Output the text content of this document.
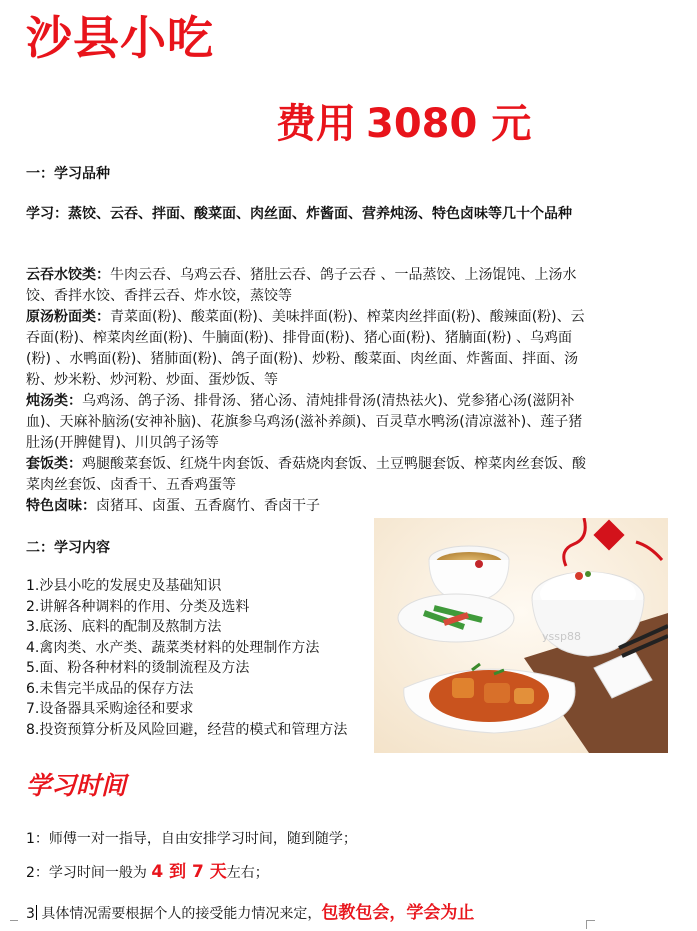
沙县小吃
费用 3080 元
一：学习品种
学习：蒸饺、云吞、拌面、酸菜面、肉丝面、炸酱面、营养炖汤、特色卤味等几十个品种
云吞水饺类：牛肉云吞、乌鸡云吞、猪肚云吞、鸽子云吞 、一品蒸饺、上汤馄饨、上汤水饺、香拌水饺、香拌云吞、炸水饺，蒸饺等
原汤粉面类：青菜面(粉)、酸菜面(粉)、美味拌面(粉)、榨菜肉丝拌面(粉)、酸辣面(粉)、云吞面(粉)、榨菜肉丝面(粉)、牛腩面(粉)、排骨面(粉)、猪心面(粉)、猪腩面(粉) 、乌鸡面(粉) 、水鸭面(粉)、猪肺面(粉)、鸽子面(粉)、炒粉、酸菜面、肉丝面、炸酱面、拌面、汤粉、炒米粉、炒河粉、炒面、蛋炒饭、等
炖汤类：乌鸡汤、鸽子汤、排骨汤、猪心汤、清炖排骨汤(清热祛火)、党参猪心汤(滋阴补血)、天麻补脑汤(安神补脑)、花旗参乌鸡汤(滋补养颜)、百灵草水鸭汤(清凉滋补)、莲子猪肚汤(开脾健胃)、川贝鸽子汤等
套饭类：鸡腿酸菜套饭、红烧牛肉套饭、香菇烧肉套饭、土豆鸭腿套饭、榨菜肉丝套饭、酸菜肉丝套饭、卤香干、五香鸡蛋等
特色卤味：卤猪耳、卤蛋、五香腐竹、香卤干子
二：学习内容
1.沙县小吃的发展史及基础知识
2.讲解各种调料的作用、分类及选料
3.底汤、底料的配制及熬制方法
4.禽肉类、水产类、蔬菜类材料的处理制作方法
5.面、粉各种材料的烫制流程及方法
6.未售完半成品的保存方法
7.设备器具采购途径和要求
8.投资预算分析及风险回避，经营的模式和管理方法
yssp88
学习时间
1：师傅一对一指导，自由安排学习时间，随到随学；
2：学习时间一般为 4 到 7 天左右；
3 具体情况需要根据个人的接受能力情况来定，包教包会，学会为止
